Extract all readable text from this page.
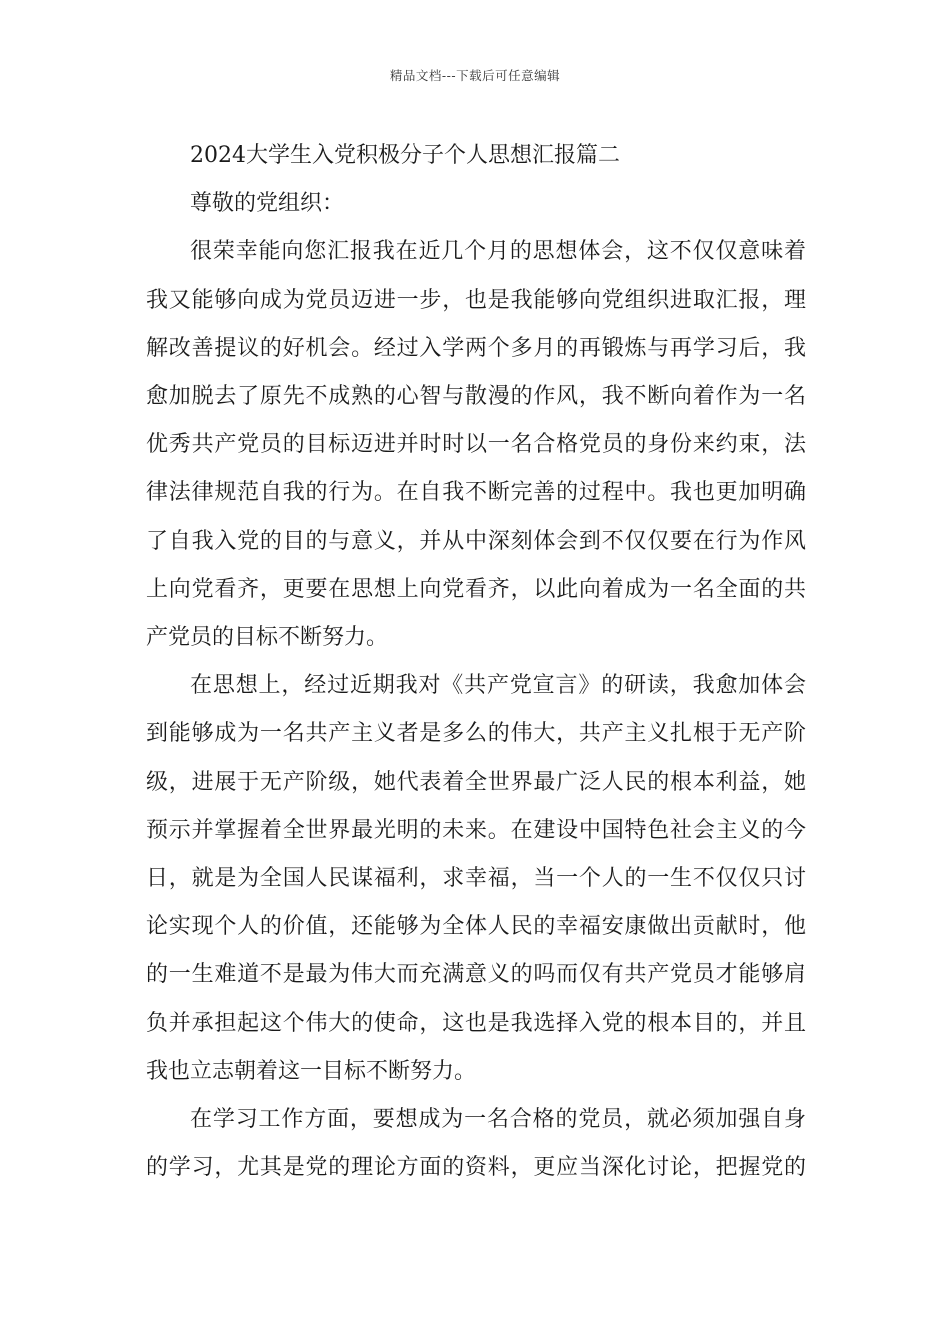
精品文档---下载后可任意编辑
2024大学生入党积极分子个人思想汇报篇二
尊敬的党组织：
很荣幸能向您汇报我在近几个月的思想体会，这不仅仅意味着
我又能够向成为党员迈进一步，也是我能够向党组织进取汇报，理
解改善提议的好机会。经过入学两个多月的再锻炼与再学习后，我
愈加脱去了原先不成熟的心智与散漫的作风，我不断向着作为一名
优秀共产党员的目标迈进并时时以一名合格党员的身份来约束，法
律法律规范自我的行为。在自我不断完善的过程中。我也更加明确
了自我入党的目的与意义，并从中深刻体会到不仅仅要在行为作风
上向党看齐，更要在思想上向党看齐，以此向着成为一名全面的共
产党员的目标不断努力。
在思想上，经过近期我对《共产党宣言》的研读，我愈加体会
到能够成为一名共产主义者是多么的伟大，共产主义扎根于无产阶
级，进展于无产阶级，她代表着全世界最广泛人民的根本利益，她
预示并掌握着全世界最光明的未来。在建设中国特色社会主义的今
日，就是为全国人民谋福利，求幸福，当一个人的一生不仅仅只讨
论实现个人的价值，还能够为全体人民的幸福安康做出贡献时，他
的一生难道不是最为伟大而充满意义的吗而仅有共产党员才能够肩
负并承担起这个伟大的使命，这也是我选择入党的根本目的，并且
我也立志朝着这一目标不断努力。
在学习工作方面，要想成为一名合格的党员，就必须加强自身
的学习，尤其是党的理论方面的资料，更应当深化讨论，把握党的
